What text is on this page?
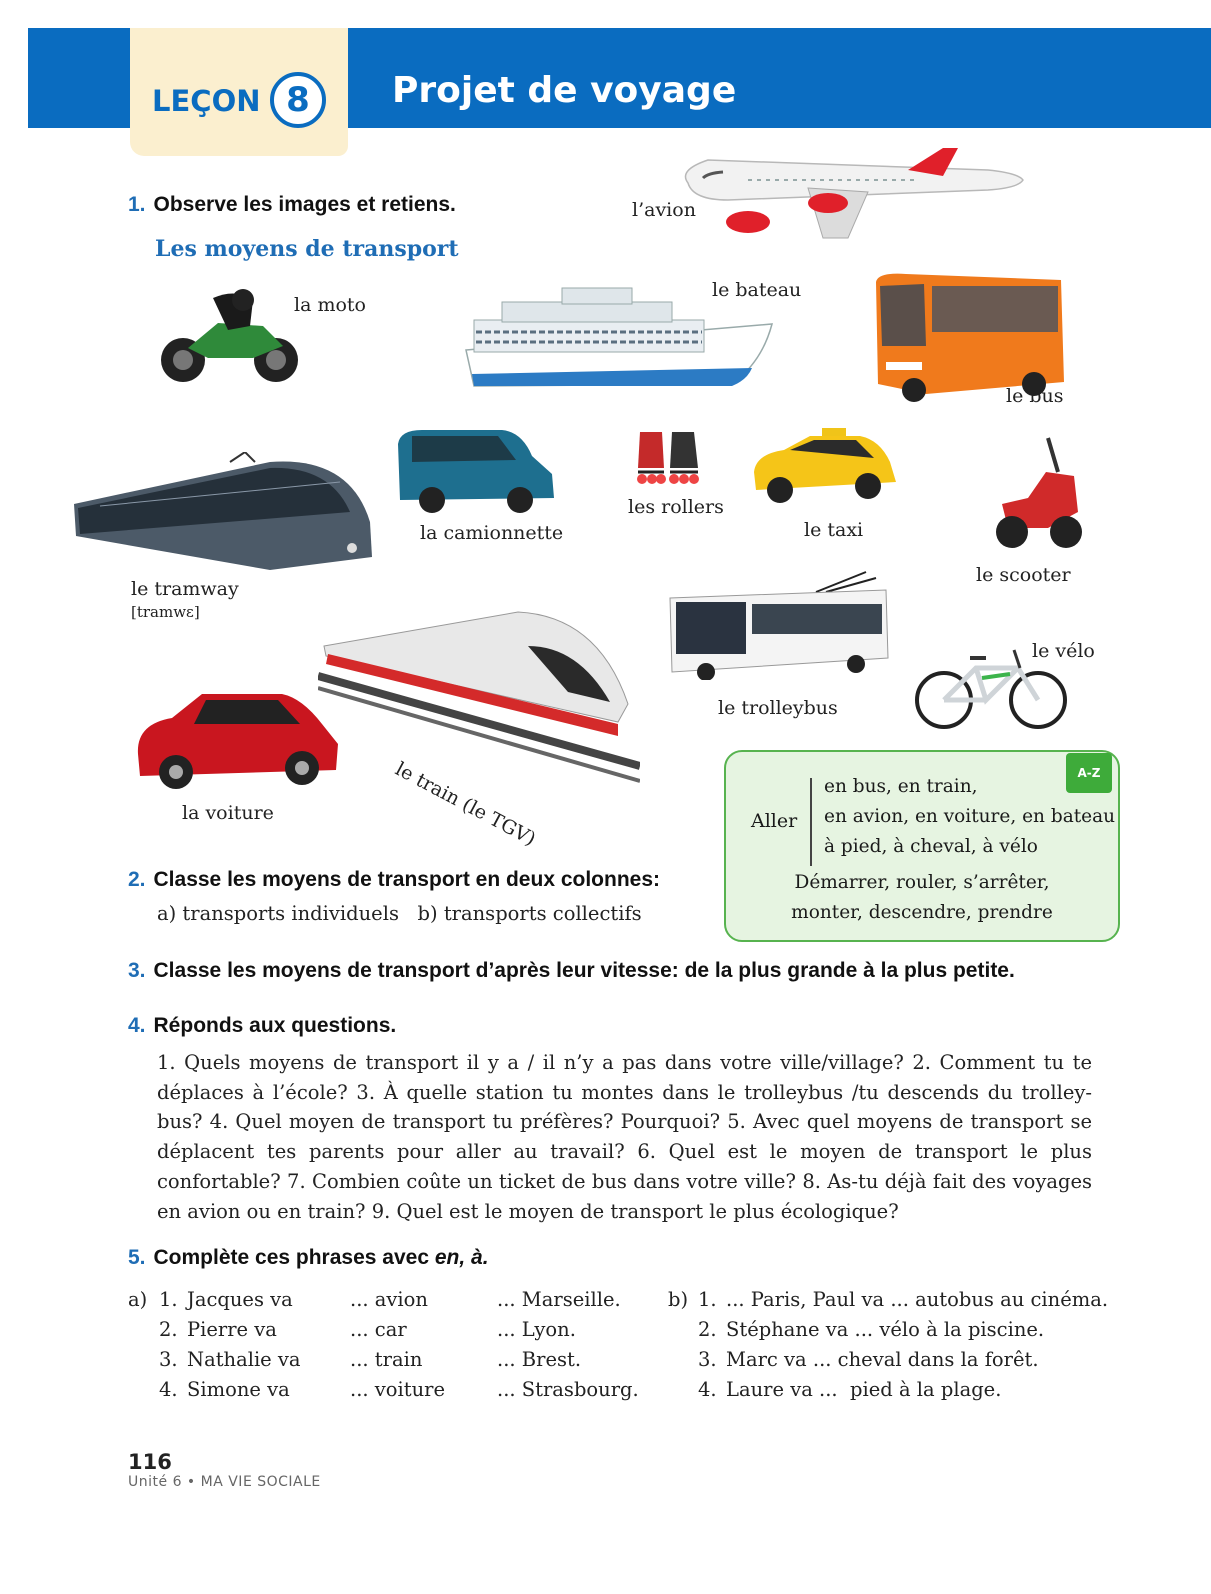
LEÇON 8	Projet de voyage
1. Observe les images et retiens.
Les moyens de transport
l’avion
la moto
le bateau
le bus
le tramway
[tramwɛ]
la camionnette
les rollers
le taxi
le scooter
le train (le TGV)
le trolleybus
le vélo
la voiture	Aller
en bus, en train,
en avion, en voiture, en bateau
à pied, à cheval, à vélo
Démarrer, rouler, s’arrêter,
monter, descendre, prendre
A-Z
2. Classe les moyens de transport en deux colonnes:
a) transports individuels   b) transports collectifs
3. Classe les moyens de transport d’après leur vitesse: de la plus grande à la plus petite.
4. Réponds aux questions.
1. Quels moyens de transport il y a / il n’y a pas dans votre ville/village? 2. Comment tu te déplaces à l’école? 3. À quelle station tu montes dans le trolleybus /tu descends du trolley-bus? 4. Quel moyen de transport tu préfères? Pourquoi? 5. Avec quel moyens de transport se déplacent tes parents pour aller au travail? 6. Quel est le moyen de transport le plus confortable? 7. Combien coûte un ticket de bus dans votre ville? 8. As-tu déjà fait des voyages en avion ou en train? 9. Quel est le moyen de transport le plus écologique?
5. Complète ces phrases avec en, à.
a)	b)
1. Jacques va	... avion	... Marseille.
2. Pierre va	... car	... Lyon.
3. Nathalie va	... train	... Brest.
4. Simone va	... voiture	... Strasbourg.
1. ... Paris, Paul va ... autobus au cinéma.
2. Stéphane va ... vélo à la piscine.
3. Marc va ... cheval dans la forêt.
4. Laure va ...  pied à la plage.
116
Unité 6 • MA VIE SOCIALE
